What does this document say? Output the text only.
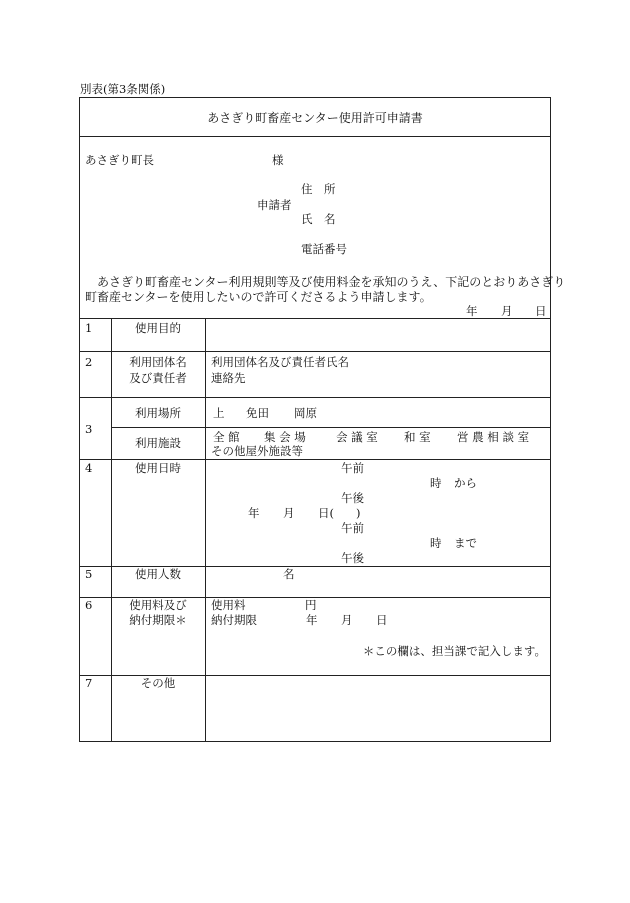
別表(第3条関係)
あさぎり町畜産センター使用許可申請書
あさぎり町長	様
住　所
申請者
氏　名
電話番号
　あさぎり町畜産センター利用規則等及び使用料金を承知のうえ、下記のとおりあさぎり
町畜産センターを使用したいので許可くださるよう申請します。
年 月 日
1	使用目的
2	利用団体名
及び責任者
利用団体名及び責任者氏名
連絡先
3
利用場所	上 免田 岡原
利用施設	全 館 集 会 場	会 議 室 和 室 営 農 相 談 室
その他屋外施設等
4	使用日時	午前
時 から
午後
年 月 日( )
午前
時 まで
午後
5	使用人数	名
6	使用料及び
納付期限＊
使用料	円
納付期限	年 月 日
＊この欄は、担当課で記入します。
7	その他
